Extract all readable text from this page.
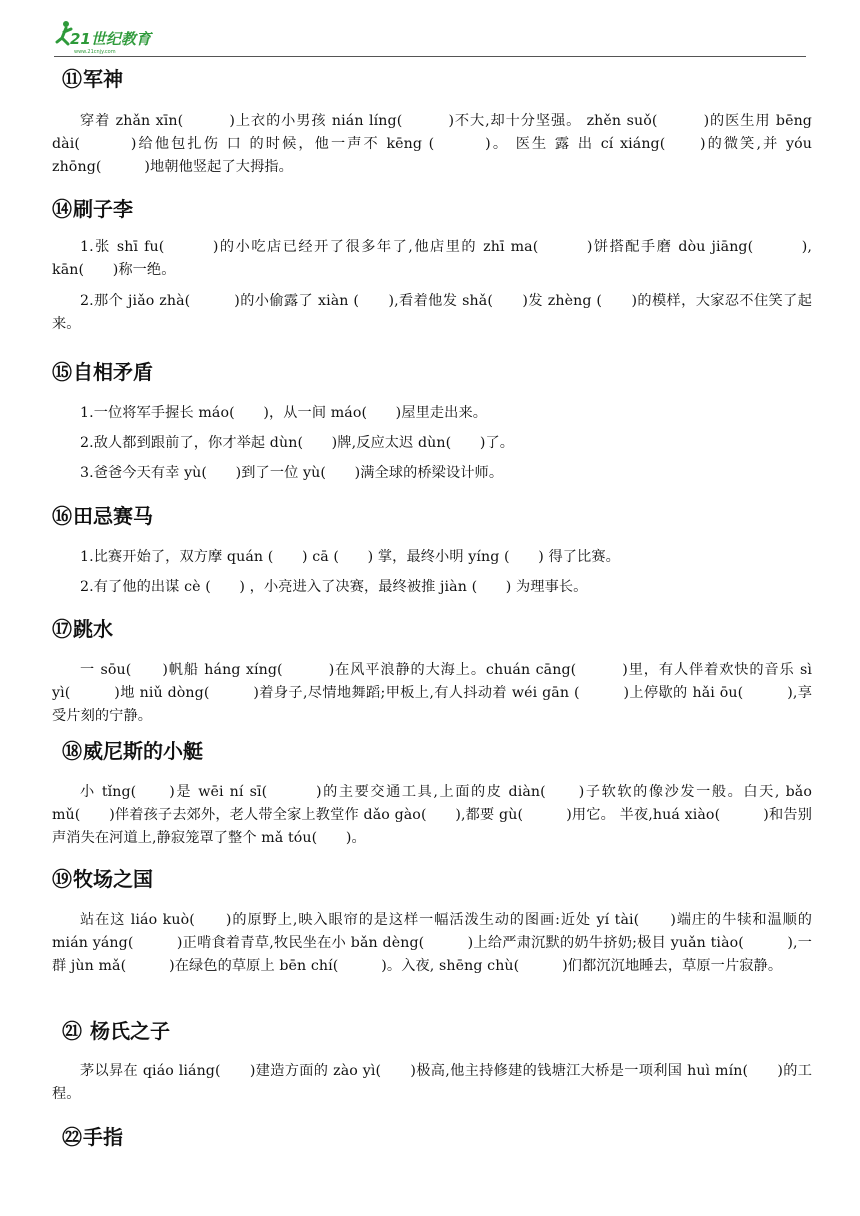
21世纪教育
www.21cnjy.com
⑪军神

穿着 zhǎn xīn(　　　)上衣的小男孩 nián líng(　　　)不大,却十分坚强。 zhěn suǒ(　　　)的医生用 bēng dài(　　　)给他包扎伤 口 的时候，他一声不 kēng (　　　)。 医生 露 出 cí xiáng(　　)的微笑,并 yóu zhōng(　　　)地朝他竖起了大拇指。

⑭刷子李

1.张 shī fu(　　　)的小吃店已经开了很多年了,他店里的 zhī ma(　　　)饼搭配手磨 dòu jiāng(　　　), kān(　　)称一绝。

2.那个 jiǎo zhà(　　　)的小偷露了 xiàn (　　),看着他发 shǎ(　　)发 zhèng (　　)的模样，大家忍不住笑了起来。

⑮自相矛盾

1.一位将军手握长 máo(　　)，从一间 máo(　　)屋里走出来。

2.敌人都到跟前了，你才举起 dùn(　　)牌,反应太迟 dùn(　　)了。

3.爸爸今天有幸 yù(　　)到了一位 yù(　　)满全球的桥梁设计师。

⑯田忌赛马

1.比赛开始了，双方摩 quán (　　) cā (　　) 掌，最终小明 yíng (　　) 得了比赛。

2.有了他的出谋 cè (　　) ，小亮进入了决赛，最终被推 jiàn (　　) 为理事长。

⑰跳水

一 sōu(　　)帆船 háng xíng(　　　)在风平浪静的大海上。chuán cāng(　　　)里，有人伴着欢快的音乐 sì yì(　　　)地 niǔ dòng(　　　)着身子,尽情地舞蹈;甲板上,有人抖动着 wéi gān (　　　)上停歇的 hǎi ōu(　　　),享受片刻的宁静。

⑱威尼斯的小艇

小 tǐng(　　)是 wēi ní sī(　　　)的主要交通工具,上面的皮 diàn(　　)子软软的像沙发一般。白天, bǎo mǔ(　　)伴着孩子去郊外，老人带全家上教堂作 dǎo gào(　　),都要 gù(　　　)用它。 半夜,huá xiào(　　　)和告别声消失在河道上,静寂笼罩了整个 mǎ tóu(　　)。

⑲牧场之国

站在这 liáo kuò(　　)的原野上,映入眼帘的是这样一幅活泼生动的图画:近处 yí tài(　　)端庄的牛犊和温顺的 mián yáng(　　　)正啃食着青草,牧民坐在小 bǎn dèng(　　　)上给严肃沉默的奶牛挤奶;极目 yuǎn tiào(　　　),一群 jùn mǎ(　　　)在绿色的草原上 bēn chí(　　　)。入夜, shēng chù(　　　)们都沉沉地睡去，草原一片寂静。

㉑ 杨氏之子

茅以昇在 qiáo liáng(　　)建造方面的 zào yì(　　)极高,他主持修建的钱塘江大桥是一项利国 huì mín(　　)的工程。

㉒手指
